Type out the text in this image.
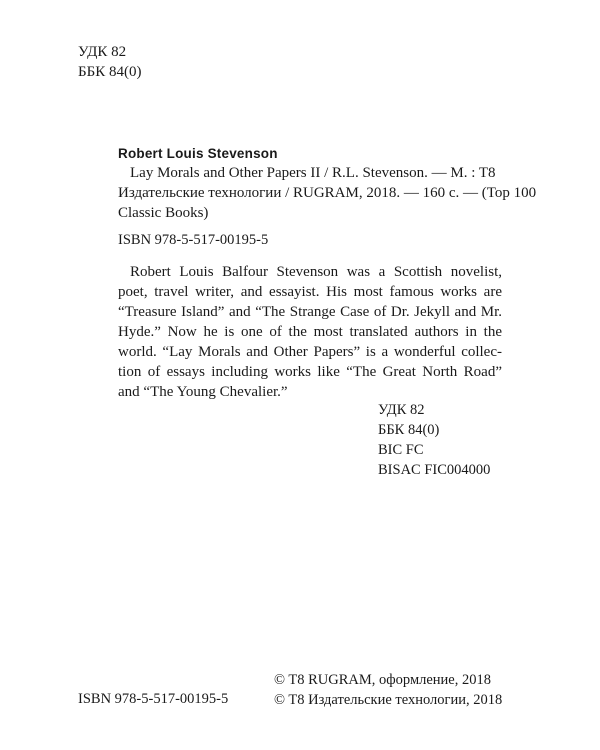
УДК 82
ББК 84(0)
Robert Louis Stevenson
Lay Morals and Other Papers II / R.L. Stevenson. — M. : T8
Издательские технологии / RUGRAM, 2018. — 160 с. — (Top 100
Classic Books)
ISBN 978-5-517-00195-5
Robert Louis Balfour Stevenson was a Scottish novelist,
poet, travel writer, and essayist. His most famous works are
“Treasure Island” and “The Strange Case of Dr. Jekyll and Mr.
Hyde.” Now he is one of the most translated authors in the
world. “Lay Morals and Other Papers” is a wonderful collec-
tion of essays including works like “The Great North Road”
and “The Young Chevalier.”
УДК 82
ББК 84(0)
BIC FC
BISAC FIC004000
ISBN 978-5-517-00195-5
© T8 RUGRAM, оформление, 2018
© T8 Издательские технологии, 2018
